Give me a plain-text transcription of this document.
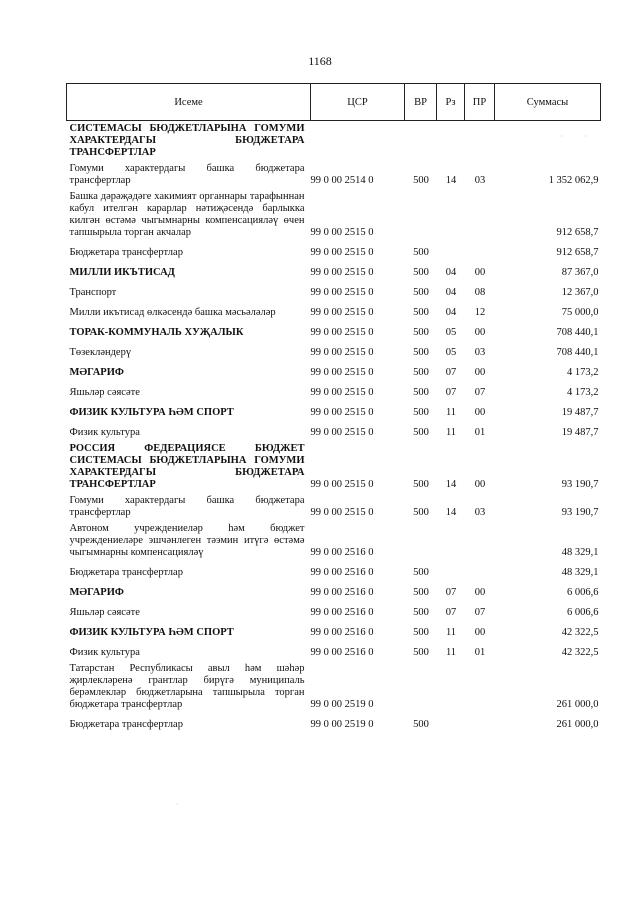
1168
Исеме	ЦСР	ВР	Рз	ПР	Суммасы
СИСТЕМАСЫ БЮДЖЕТЛАРЫНА ГОМУМИ ХАРАКТЕРДАГЫ БЮДЖЕТАРА ТРАНСФЕРТЛАР					
Гомуми характердагы башка бюджетара трансфертлар	99 0 00 2514 0	500	14	03	1 352 062,9
Башка дәрәҗәдәге хакимият органнары тарафыннан кабул ителгән карарлар нәтиҗәсендә барлыкка килгән өстәмә чыгымнарны компенсацияләү өчен тапшырыла торган акчалар	99 0 00 2515 0				912 658,7
Бюджетара трансфертлар	99 0 00 2515 0	500			912 658,7
МИЛЛИ ИКЪТИСАД	99 0 00 2515 0	500	04	00	87 367,0
Транспорт	99 0 00 2515 0	500	04	08	12 367,0
Милли икътисад өлкәсендә башка мәсьәләләр	99 0 00 2515 0	500	04	12	75 000,0
ТОРАК-КОММУНАЛЬ ХУҖАЛЫК	99 0 00 2515 0	500	05	00	708 440,1
Төзекләндерү	99 0 00 2515 0	500	05	03	708 440,1
МӘГАРИФ	99 0 00 2515 0	500	07	00	4 173,2
Яшьләр сәясәте	99 0 00 2515 0	500	07	07	4 173,2
ФИЗИК КУЛЬТУРА ҺӘМ СПОРТ	99 0 00 2515 0	500	11	00	19 487,7
Физик культура	99 0 00 2515 0	500	11	01	19 487,7
РОССИЯ ФЕДЕРАЦИЯСЕ БЮДЖЕТ СИСТЕМАСЫ БЮДЖЕТЛАРЫНА ГОМУМИ ХАРАКТЕРДАГЫ БЮДЖЕТАРА ТРАНСФЕРТЛАР	99 0 00 2515 0	500	14	00	93 190,7
Гомуми характердагы башка бюджетара трансфертлар	99 0 00 2515 0	500	14	03	93 190,7
Автоном учреждениеләр һәм бюджет учреждениеләре эшчәнлеген тәэмин итүгә өстәмә чыгымнарны компенсацияләү	99 0 00 2516 0				48 329,1
Бюджетара трансфертлар	99 0 00 2516 0	500			48 329,1
МӘГАРИФ	99 0 00 2516 0	500	07	00	6 006,6
Яшьләр сәясәте	99 0 00 2516 0	500	07	07	6 006,6
ФИЗИК КУЛЬТУРА ҺӘМ СПОРТ	99 0 00 2516 0	500	11	00	42 322,5
Физик культура	99 0 00 2516 0	500	11	01	42 322,5
Татарстан Республикасы авыл һәм шәһәр җирлекләренә грантлар бирүгә муниципаль берәмлекләр бюджетларына тапшырыла торган бюджетара трансфертлар	99 0 00 2519 0				261 000,0
Бюджетара трансфертлар	99 0 00 2519 0	500			261 000,0
·	·
·
